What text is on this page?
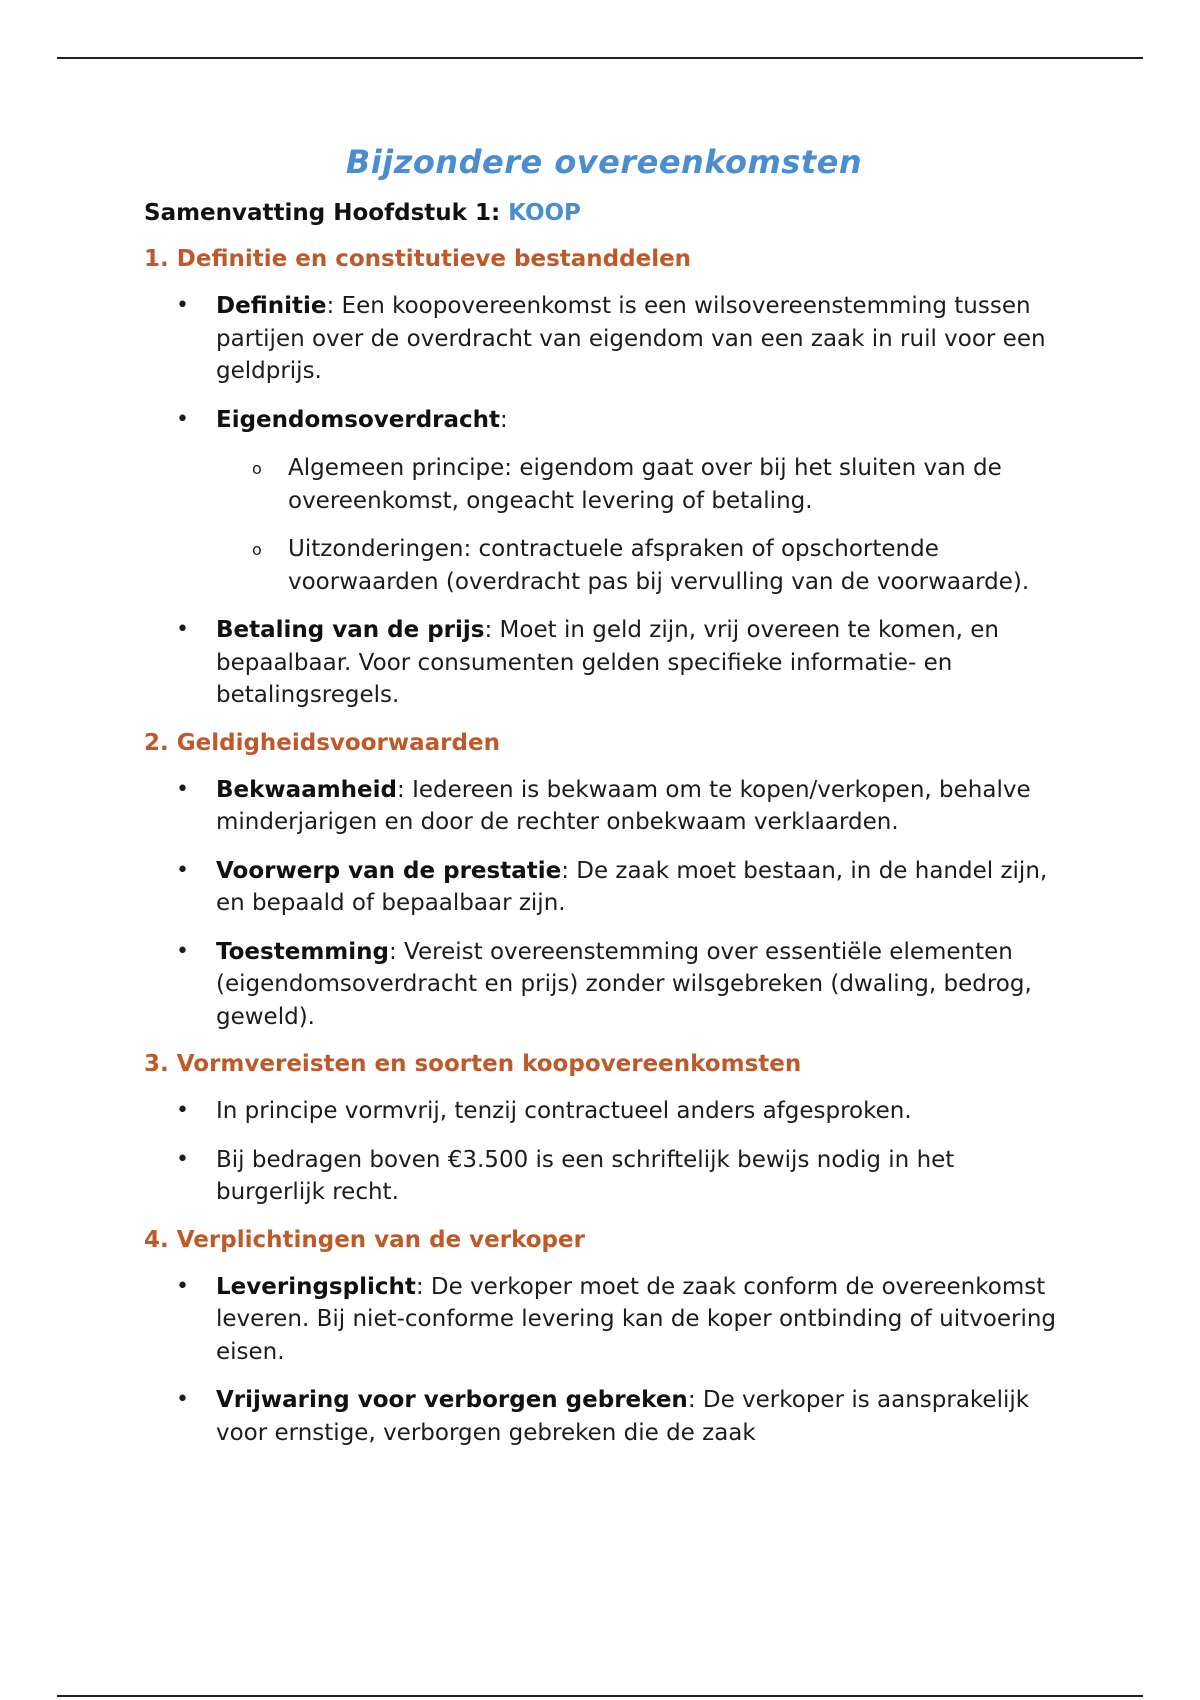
Bijzondere overeenkomsten
Samenvatting Hoofdstuk 1: KOOP
1. Definitie en constitutieve bestanddelen
• Definitie: Een koopovereenkomst is een wilsovereenstemming tussen partijen over de overdracht van eigendom van een zaak in ruil voor een geldprijs.
• Eigendomsoverdracht:
o Algemeen principe: eigendom gaat over bij het sluiten van de overeenkomst, ongeacht levering of betaling.
o Uitzonderingen: contractuele afspraken of opschortende voorwaarden (overdracht pas bij vervulling van de voorwaarde).
• Betaling van de prijs: Moet in geld zijn, vrij overeen te komen, en bepaalbaar. Voor consumenten gelden specifieke informatie- en betalingsregels.
2. Geldigheidsvoorwaarden
• Bekwaamheid: Iedereen is bekwaam om te kopen/verkopen, behalve minderjarigen en door de rechter onbekwaam verklaarden.
• Voorwerp van de prestatie: De zaak moet bestaan, in de handel zijn, en bepaald of bepaalbaar zijn.
• Toestemming: Vereist overeenstemming over essentiële elementen (eigendomsoverdracht en prijs) zonder wilsgebreken (dwaling, bedrog, geweld).
3. Vormvereisten en soorten koopovereenkomsten
• In principe vormvrij, tenzij contractueel anders afgesproken.
• Bij bedragen boven €3.500 is een schriftelijk bewijs nodig in het burgerlijk recht.
4. Verplichtingen van de verkoper
• Leveringsplicht: De verkoper moet de zaak conform de overeenkomst leveren. Bij niet-conforme levering kan de koper ontbinding of uitvoering eisen.
• Vrijwaring voor verborgen gebreken: De verkoper is aansprakelijk voor ernstige, verborgen gebreken die de zaak
